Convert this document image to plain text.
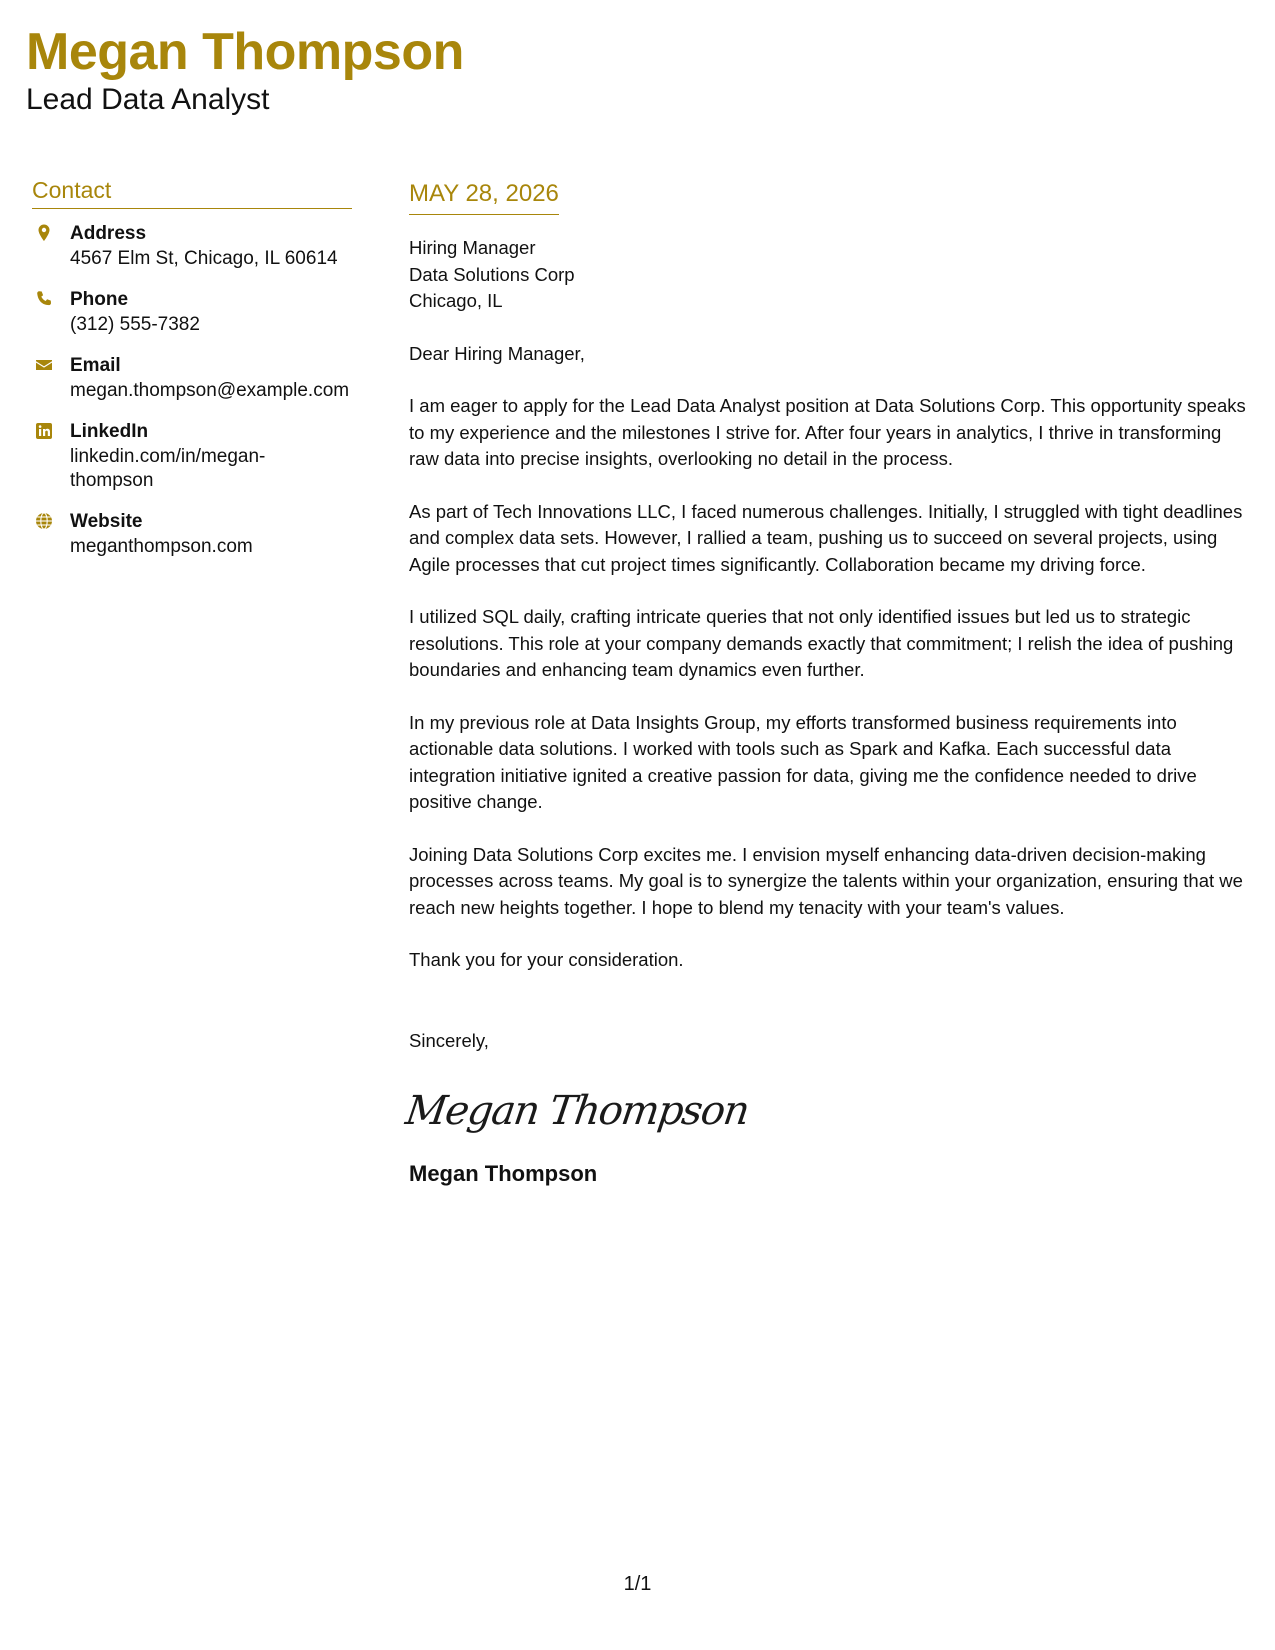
Megan Thompson
Lead Data Analyst
Contact
Address
4567 Elm St, Chicago, IL 60614
Phone
(312) 555-7382
Email
megan.thompson@example.com
LinkedIn
linkedin.com/in/megan-
thompson
Website
meganthompson.com
MAY 28, 2026
Hiring Manager
Data Solutions Corp
Chicago, IL
Dear Hiring Manager,

I am eager to apply for the Lead Data Analyst position at Data Solutions Corp. This opportunity speaks to my experience and the milestones I strive for. After four years in analytics, I thrive in transforming raw data into precise insights, overlooking no detail in the process.

As part of Tech Innovations LLC, I faced numerous challenges. Initially, I struggled with tight deadlines and complex data sets. However, I rallied a team, pushing us to succeed on several projects, using Agile processes that cut project times significantly. Collaboration became my driving force.

I utilized SQL daily, crafting intricate queries that not only identified issues but led us to strategic resolutions. This role at your company demands exactly that commitment; I relish the idea of pushing boundaries and enhancing team dynamics even further.

In my previous role at Data Insights Group, my efforts transformed business requirements into actionable data solutions. I worked with tools such as Spark and Kafka. Each successful data integration initiative ignited a creative passion for data, giving me the confidence needed to drive positive change.

Joining Data Solutions Corp excites me. I envision myself enhancing data-driven decision-making processes across teams. My goal is to synergize the talents within your organization, ensuring that we reach new heights together. I hope to blend my tenacity with your team's values.

Thank you for your consideration.

Sincerely,
Megan Thompson
Megan Thompson
1/1
